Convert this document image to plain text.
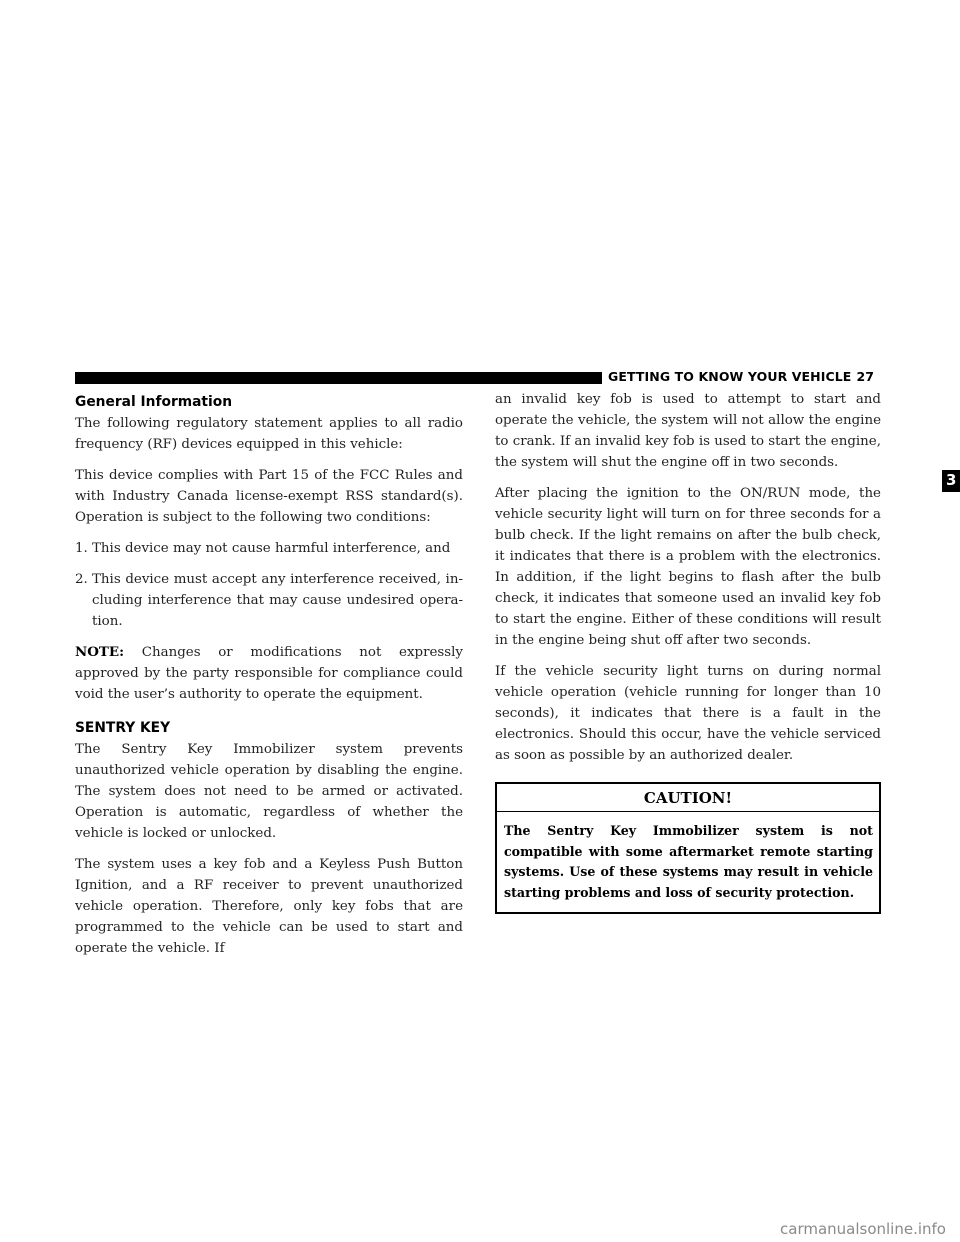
GETTING TO KNOW YOUR VEHICLE 27
3
General Information

The following regulatory statement applies to all radio frequency (RF) devices equipped in this vehicle:

This device complies with Part 15 of the FCC Rules and with Industry Canada license-exempt RSS standard(s). Operation is subject to the following two conditions:

1. This device may not cause harmful interference, and
2. This device must accept any interference received, including interference that may cause undesired operation.

NOTE: Changes or modifications not expressly approved by the party responsible for compliance could void the user’s authority to operate the equipment.

SENTRY KEY

The Sentry Key Immobilizer system prevents unauthorized vehicle operation by disabling the engine. The system does not need to be armed or activated. Operation is automatic, regardless of whether the vehicle is locked or unlocked.

The system uses a key fob and a Keyless Push Button Ignition, and a RF receiver to prevent unauthorized vehicle operation. Therefore, only key fobs that are programmed to the vehicle can be used to start and operate the vehicle. If

an invalid key fob is used to attempt to start and operate the vehicle, the system will not allow the engine to crank. If an invalid key fob is used to start the engine, the system will shut the engine off in two seconds.

After placing the ignition to the ON/RUN mode, the vehicle security light will turn on for three seconds for a bulb check. If the light remains on after the bulb check, it indicates that there is a problem with the electronics. In addition, if the light begins to flash after the bulb check, it indicates that someone used an invalid key fob to start the engine. Either of these conditions will result in the engine being shut off after two seconds.

If the vehicle security light turns on during normal vehicle operation (vehicle running for longer than 10 seconds), it indicates that there is a fault in the electronics. Should this occur, have the vehicle serviced as soon as possible by an authorized dealer.

CAUTION!
The Sentry Key Immobilizer system is not compatible with some aftermarket remote starting systems. Use of these systems may result in vehicle starting problems and loss of security protection.
carmanualsonline.info
